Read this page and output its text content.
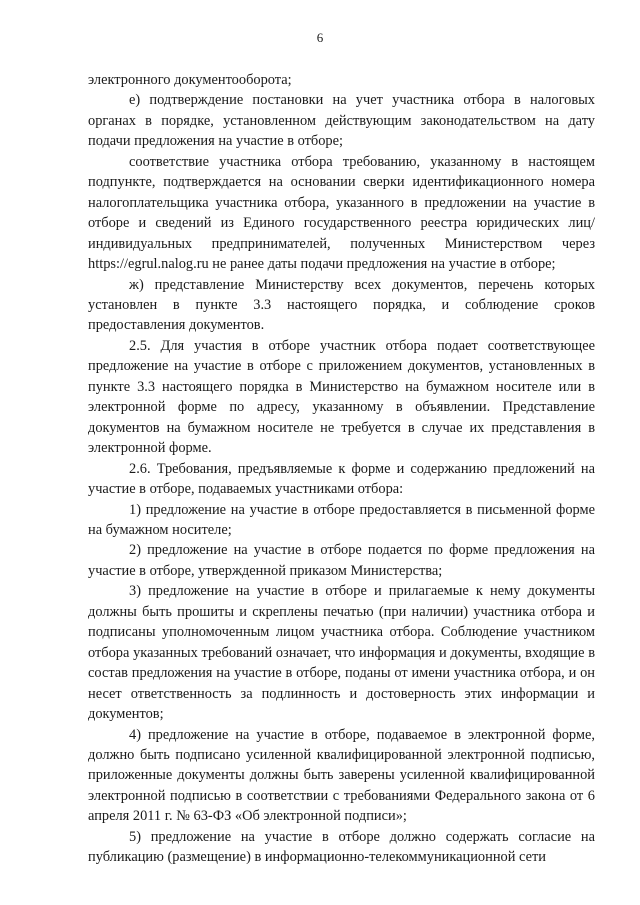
6

электронного документооборота;

е) подтверждение постановки на учет участника отбора в налоговых органах в порядке, установленном действующим законодательством на дату подачи предложения на участие в отборе;

соответствие участника отбора требованию, указанному в настоящем подпункте, подтверждается на основании сверки идентификационного номера налогоплательщика участника отбора, указанного в предложении на участие в отборе и сведений из Единого государственного реестра юридических лиц/индивидуальных предпринимателей, полученных Министерством через https://egrul.nalog.ru не ранее даты подачи предложения на участие в отборе;

ж) представление Министерству всех документов, перечень которых установлен в пункте 3.3 настоящего порядка, и соблюдение сроков предоставления документов.

2.5. Для участия в отборе участник отбора подает соответствующее предложение на участие в отборе с приложением документов, установленных в пункте 3.3 настоящего порядка в Министерство на бумажном носителе или в электронной форме по адресу, указанному в объявлении. Представление документов на бумажном носителе не требуется в случае их представления в электронной форме.

2.6. Требования, предъявляемые к форме и содержанию предложений на участие в отборе, подаваемых участниками отбора:

1) предложение на участие в отборе предоставляется в письменной форме на бумажном носителе;

2) предложение на участие в отборе подается по форме предложения на участие в отборе, утвержденной приказом Министерства;

3) предложение на участие в отборе и прилагаемые к нему документы должны быть прошиты и скреплены печатью (при наличии) участника отбора и подписаны уполномоченным лицом участника отбора. Соблюдение участником отбора указанных требований означает, что информация и документы, входящие в состав предложения на участие в отборе, поданы от имени участника отбора, и он несет ответственность за подлинность и достоверность этих информации и документов;

4) предложение на участие в отборе, подаваемое в электронной форме, должно быть подписано усиленной квалифицированной электронной подписью, приложенные документы должны быть заверены усиленной квалифицированной электронной подписью в соответствии с требованиями Федерального закона от 6 апреля 2011 г. № 63-ФЗ «Об электронной подписи»;

5) предложение на участие в отборе должно содержать согласие на публикацию (размещение) в информационно-телекоммуникационной сети
